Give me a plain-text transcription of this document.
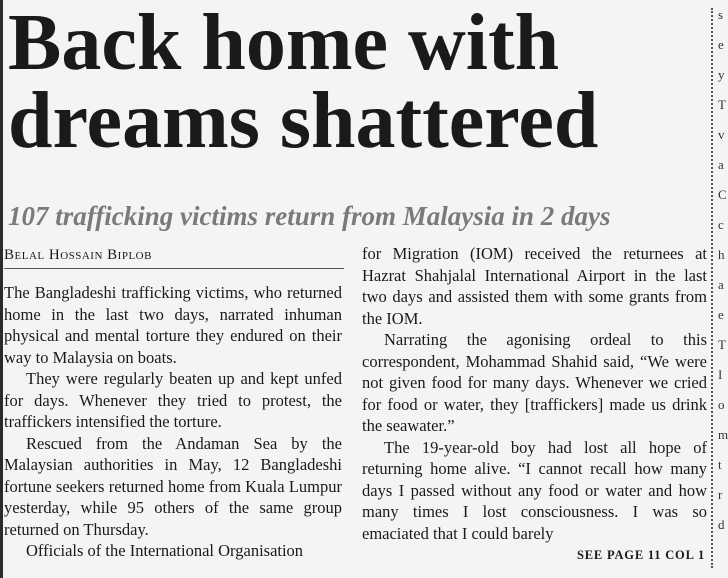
Back home with
dreams shattered
107 trafficking victims return from Malaysia in 2 days
Belal Hossain Biplob

The Bangladeshi trafficking victims, who returned home in the last two days, narrated inhuman physical and mental torture they endured on their way to Malaysia on boats.

They were regularly beaten up and kept unfed for days. Whenever they tried to protest, the traffickers intensified the torture.

Rescued from the Andaman Sea by the Malaysian authorities in May, 12 Bangladeshi fortune seekers returned home from Kuala Lumpur yesterday, while 95 others of the same group returned on Thursday.

Officials of the International Organisation

for Migration (IOM) received the returnees at Hazrat Shahjalal International Airport in the last two days and assisted them with some grants from the IOM.

Narrating the agonising ordeal to this correspondent, Mohammad Shahid said, “We were not given food for many days. Whenever we cried for food or water, they [traffickers] made us drink the seawater.”

The 19-year-old boy had lost all hope of returning home alive. “I cannot recall how many days I passed without any food or water and how many times I lost consciousness. I was so emaciated that I could barely

SEE PAGE 11 COL 1
s
e
y
T
v
a
C
c
h
a
e
T
I
o
m
t
r
d
